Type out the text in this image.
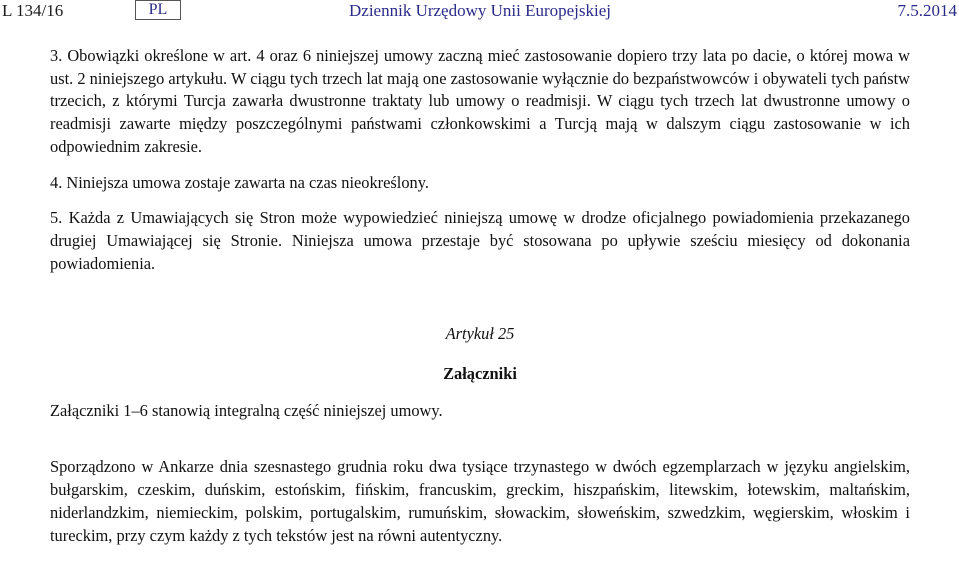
L 134/16	PL	Dziennik Urzędowy Unii Europejskiej	7.5.2014

3. Obowiązki określone w art. 4 oraz 6 niniejszej umowy zaczną mieć zastosowanie dopiero trzy lata po dacie, o której mowa w ust. 2 niniejszego artykułu. W ciągu tych trzech lat mają one zastosowanie wyłącznie do bezpaństwowców i obywateli tych państw trzecich, z którymi Turcja zawarła dwustronne traktaty lub umowy o readmisji. W ciągu tych trzech lat dwustronne umowy o readmisji zawarte między poszczególnymi państwami członkowskimi a Turcją mają w dalszym ciągu zastosowanie w ich odpowiednim zakresie.

4. Niniejsza umowa zostaje zawarta na czas nieokreślony.

5. Każda z Umawiających się Stron może wypowiedzieć niniejszą umowę w drodze oficjalnego powiadomienia przekazanego drugiej Umawiającej się Stronie. Niniejsza umowa przestaje być stosowana po upływie sześciu miesięcy od dokonania powiadomienia.

Artykuł 25

Załączniki

Załączniki 1–6 stanowią integralną część niniejszej umowy.

Sporządzono w Ankarze dnia szesnastego grudnia roku dwa tysiące trzynastego w dwóch egzemplarzach w języku angielskim, bułgarskim, czeskim, duńskim, estońskim, fińskim, francuskim, greckim, hiszpańskim, litewskim, łotewskim, maltańskim, niderlandzkim, niemieckim, polskim, portugalskim, rumuńskim, słowackim, słoweńskim, szwedzkim, węgierskim, włoskim i tureckim, przy czym każdy z tych tekstów jest na równi autentyczny.
